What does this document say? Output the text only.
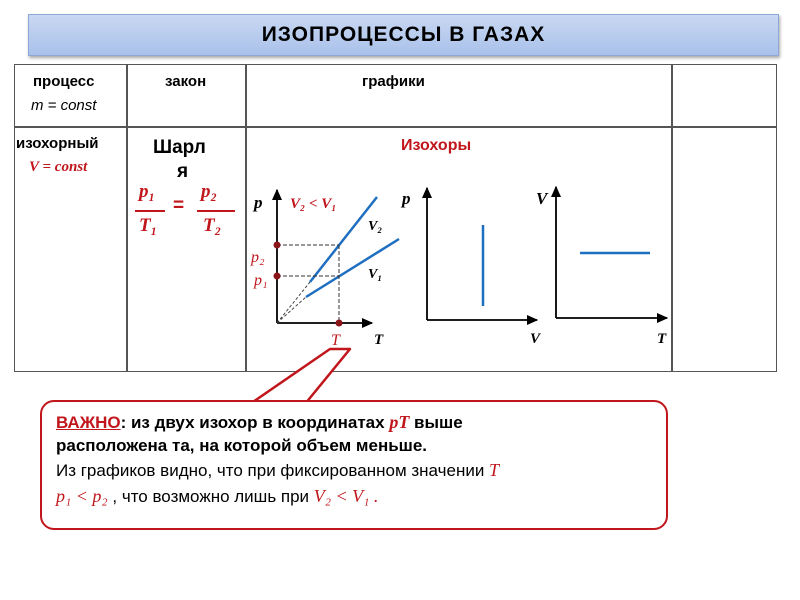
ИЗОПРОЦЕССЫ В ГАЗАХ
процесс
m = const
закон	графики
изохорный
V = const
Шарл
я
Изохоры
p₁
T₁
=
p₂
T₂
p
T
V₂ < V₁
V₂
V₁
p₂
p₁
T
p
V
V
T
ВАЖНО: из двух изохор в координатах pT выше
расположена та, на которой объем меньше.
Из графиков видно, что при фиксированном значении T
p₁ < p₂ , что возможно лишь при V₂ < V₁ .
